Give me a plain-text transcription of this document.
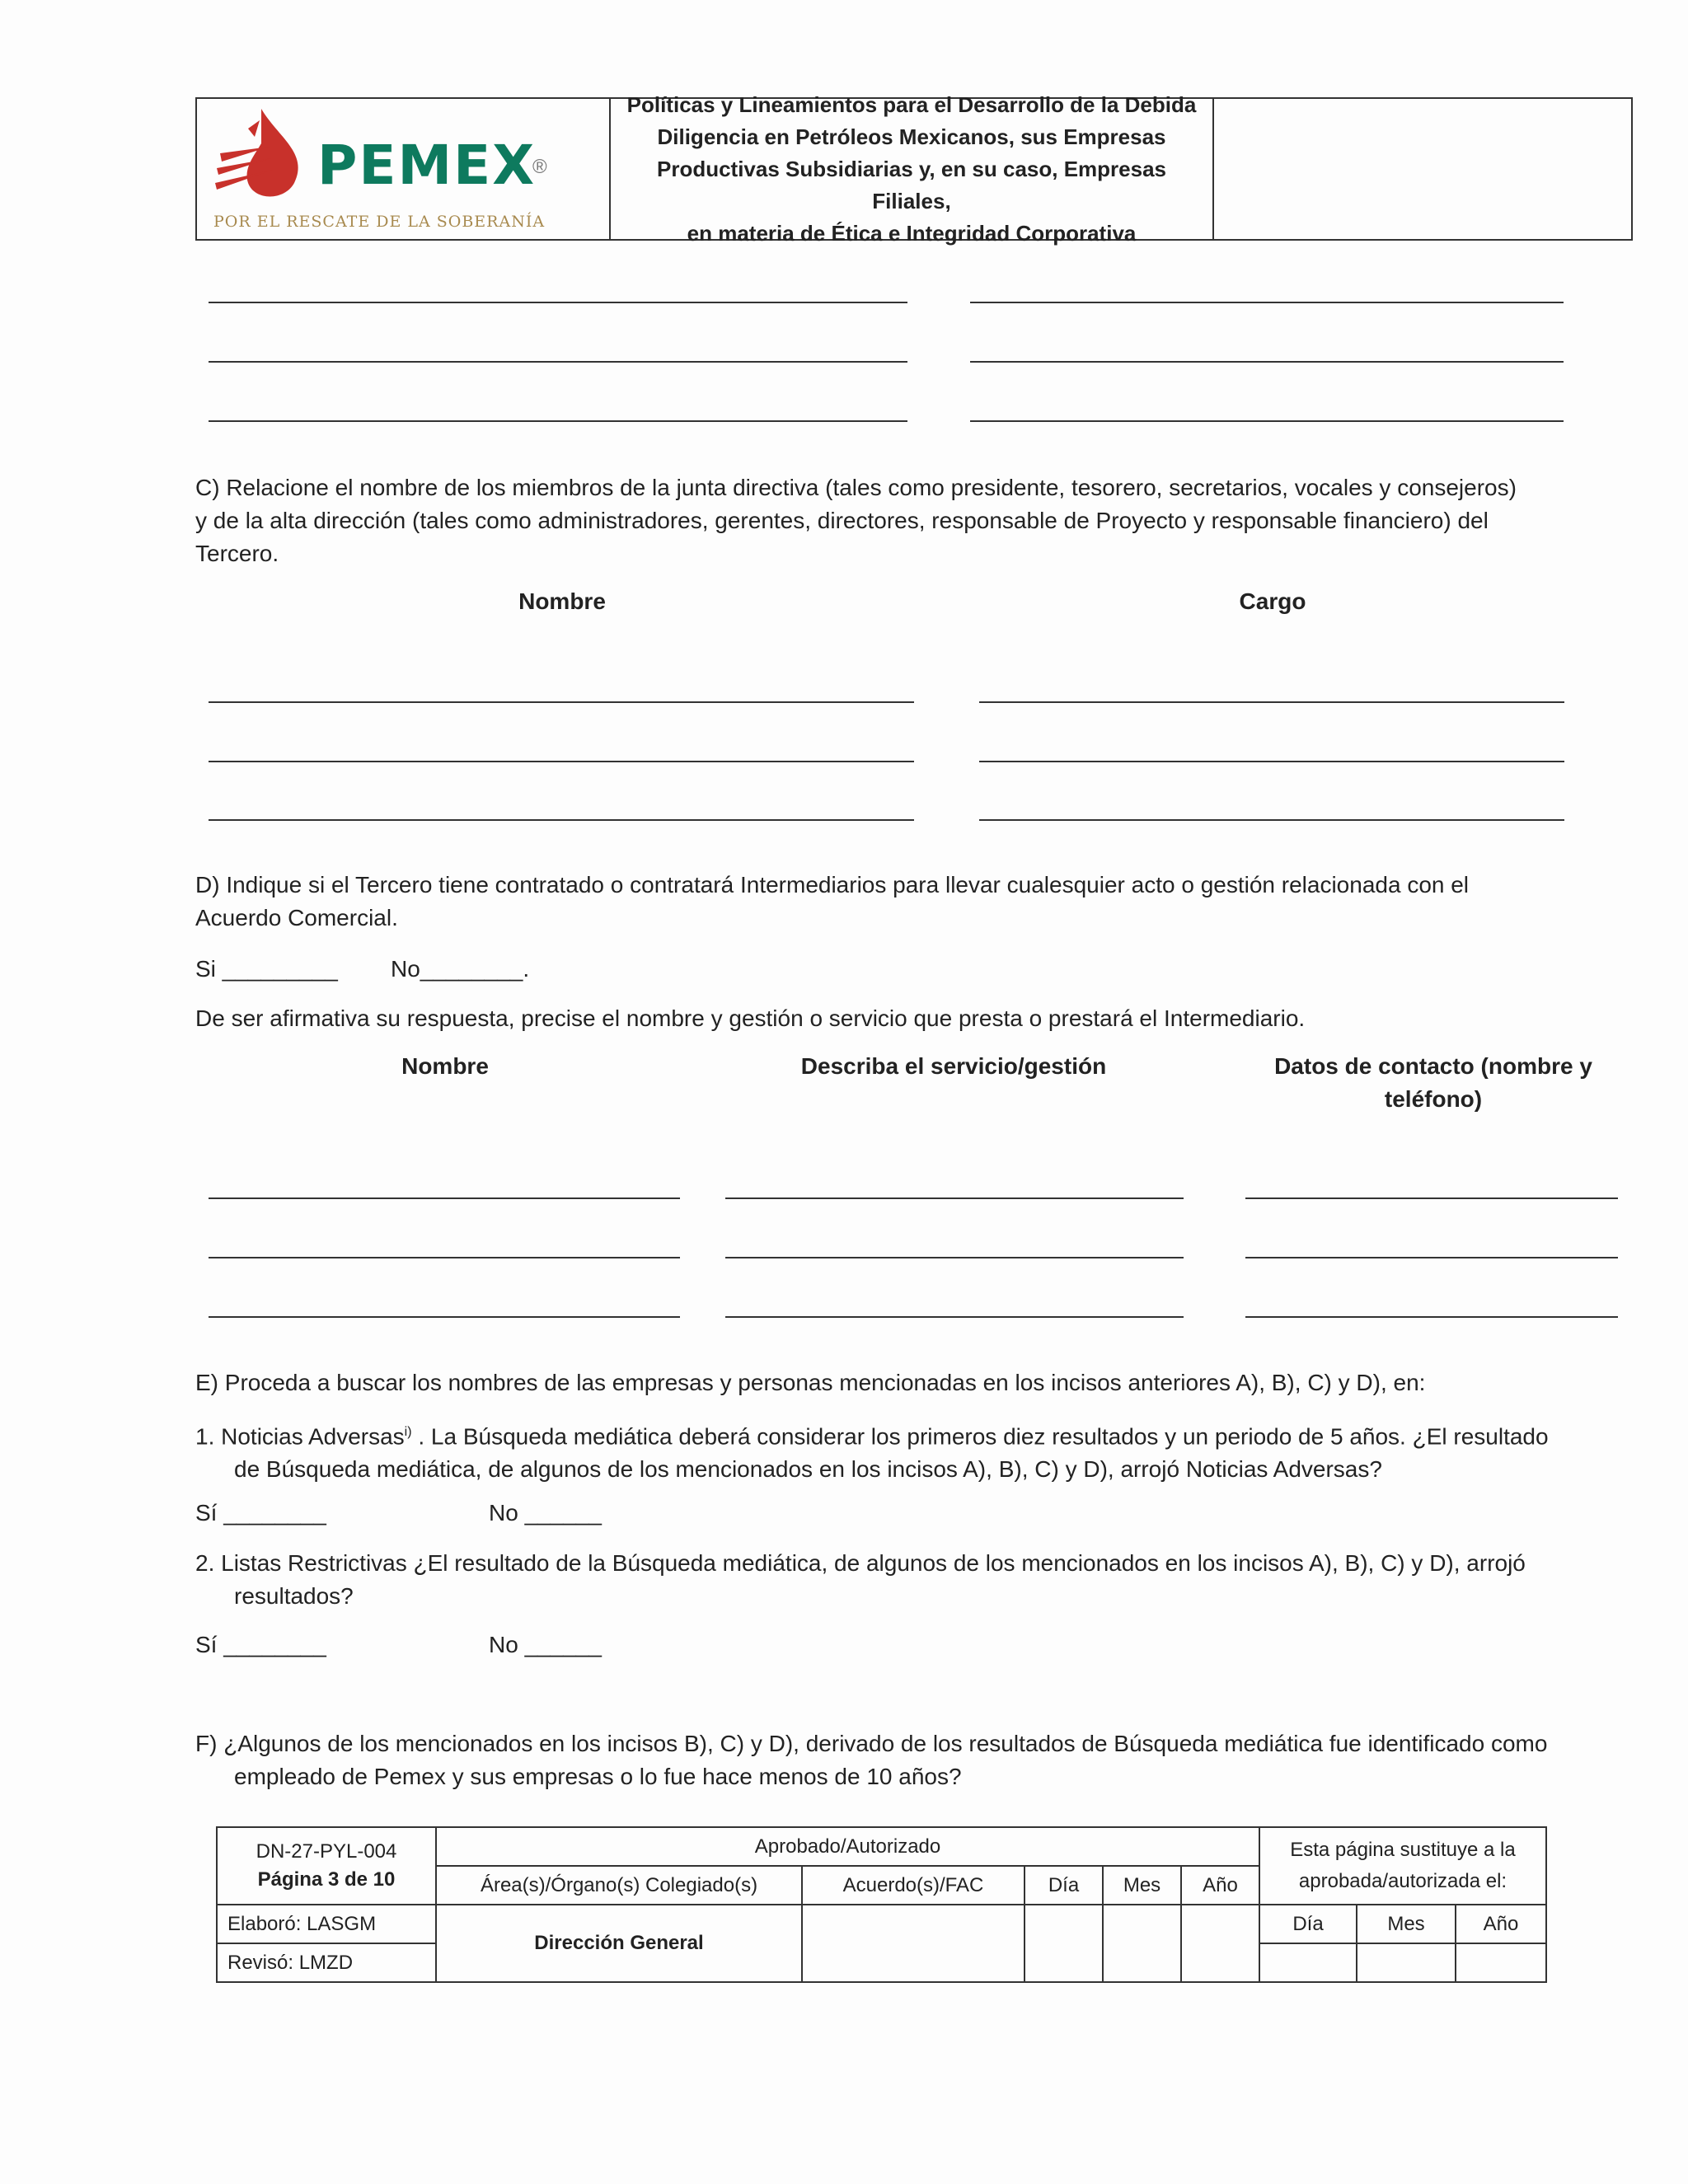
PEMEX
®
POR EL RESCATE DE LA SOBERANÍA
Políticas y Lineamientos para el Desarrollo de la Debida
Diligencia en Petróleos Mexicanos, sus Empresas
Productivas Subsidiarias y, en su caso, Empresas Filiales,
en materia de Ética e Integridad Corporativa
C) Relacione el nombre de los miembros de la junta directiva (tales como presidente, tesorero, secretarios, vocales y consejeros)
y de la alta dirección (tales como administradores, gerentes, directores, responsable de Proyecto y responsable financiero) del
Tercero.
Nombre	Cargo
D) Indique si el Tercero tiene contratado o contratará Intermediarios para llevar cualesquier acto o gestión relacionada con el
Acuerdo Comercial.
Si _________ No________.
De ser afirmativa su respuesta, precise el nombre y gestión o servicio que presta o prestará el Intermediario.
Nombre	Describa el servicio/gestión	Datos de contacto (nombre y
teléfono)
E) Proceda a buscar los nombres de las empresas y personas mencionadas en los incisos anteriores A), B), C) y D), en:
1. Noticias Adversas$^{i)}$ . La Búsqueda mediática deberá considerar los primeros diez resultados y un periodo de 5 años. ¿El resultado
de Búsqueda mediática, de algunos de los mencionados en los incisos A), B), C) y D), arrojó Noticias Adversas?
Sí ________	No ______
2. Listas Restrictivas ¿El resultado de la Búsqueda mediática, de algunos de los mencionados en los incisos A), B), C) y D), arrojó
resultados?
Sí ________	No ______
F) ¿Algunos de los mencionados en los incisos B), C) y D), derivado de los resultados de Búsqueda mediática fue identificado como
empleado de Pemex y sus empresas o lo fue hace menos de 10 años?
DN-27-PYL-004
Página 3 de 10	Aprobado/Autorizado					Esta página sustituye a la aprobada/autorizada el:		
	Área(s)/Órgano(s) Colegiado(s)	Acuerdo(s)/FAC	Día	Mes	Año			
Elaboró: LASGM	Dirección General					Día	Mes	Año
Revisó: LMZD								
